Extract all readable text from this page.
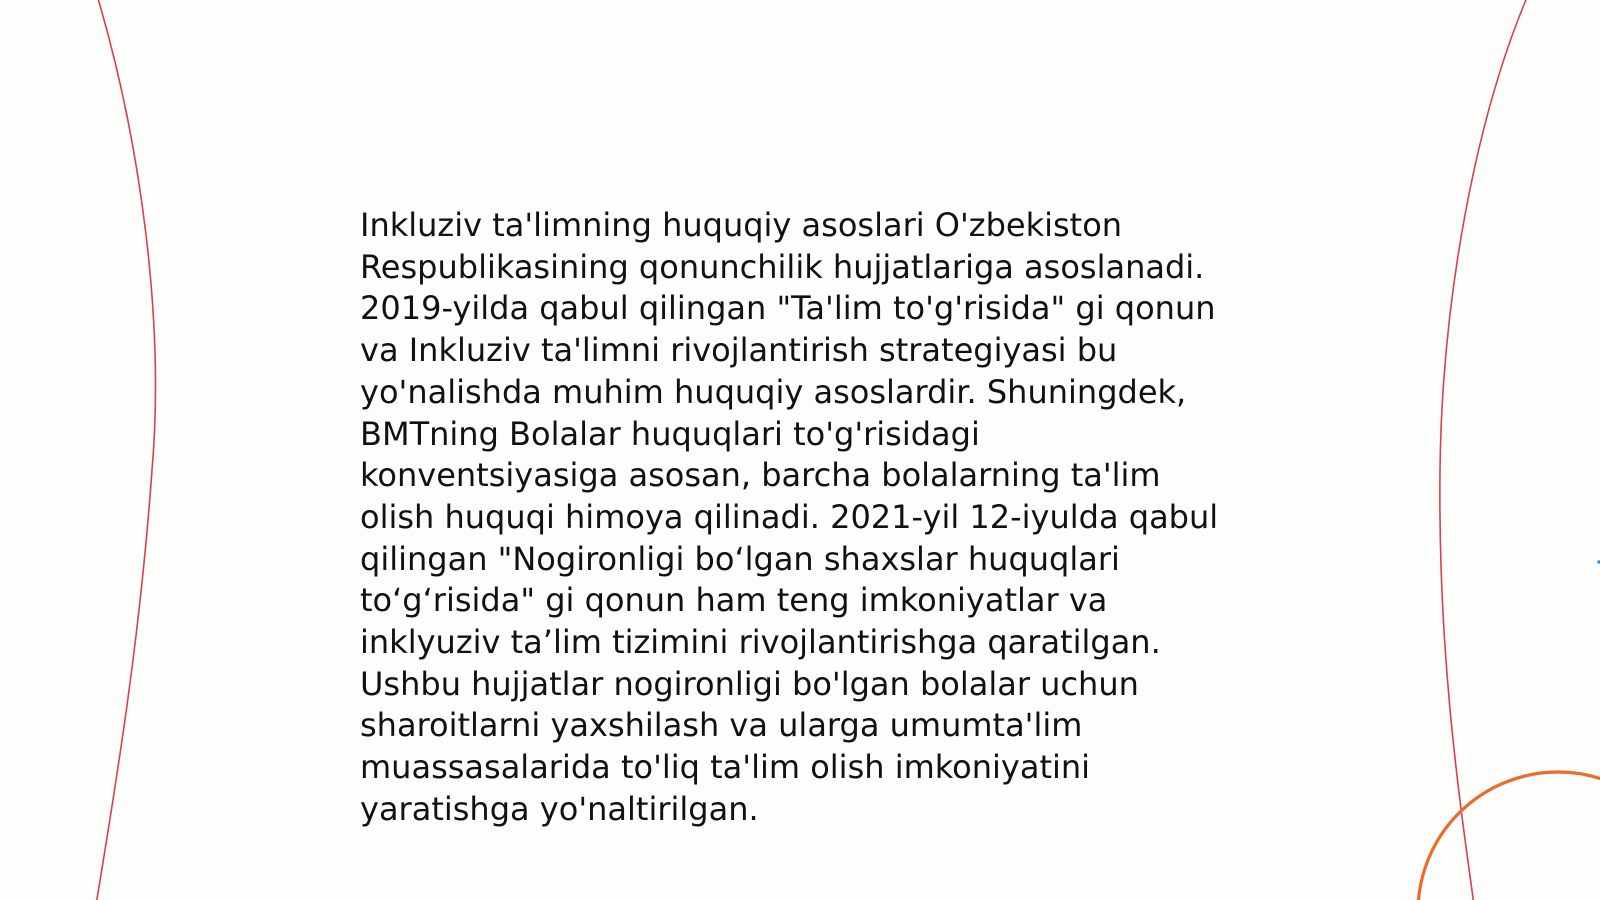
Inkluziv ta'limning huquqiy asoslari O'zbekiston Respublikasining qonunchilik hujjatlariga asoslanadi. 2019-yilda qabul qilingan "Ta'lim to'g'risida" gi qonun va Inkluziv ta'limni rivojlantirish strategiyasi bu yo'nalishda muhim huquqiy asoslardir. Shuningdek, BMTning Bolalar huquqlari to'g'risidagi konventsiyasiga asosan, barcha bolalarning ta'lim olish huquqi himoya qilinadi. 2021-yil 12-iyulda qabul qilingan "Nogironligi boʻlgan shaxslar huquqlari toʻgʻrisida" gi qonun ham teng imkoniyatlar va inklyuziv taʼlim tizimini rivojlantirishga qaratilgan. Ushbu hujjatlar nogironligi bo'lgan bolalar uchun sharoitlarni yaxshilash va ularga umumta'lim muassasalarida to'liq ta'lim olish imkoniyatini yaratishga yo'naltirilgan.
